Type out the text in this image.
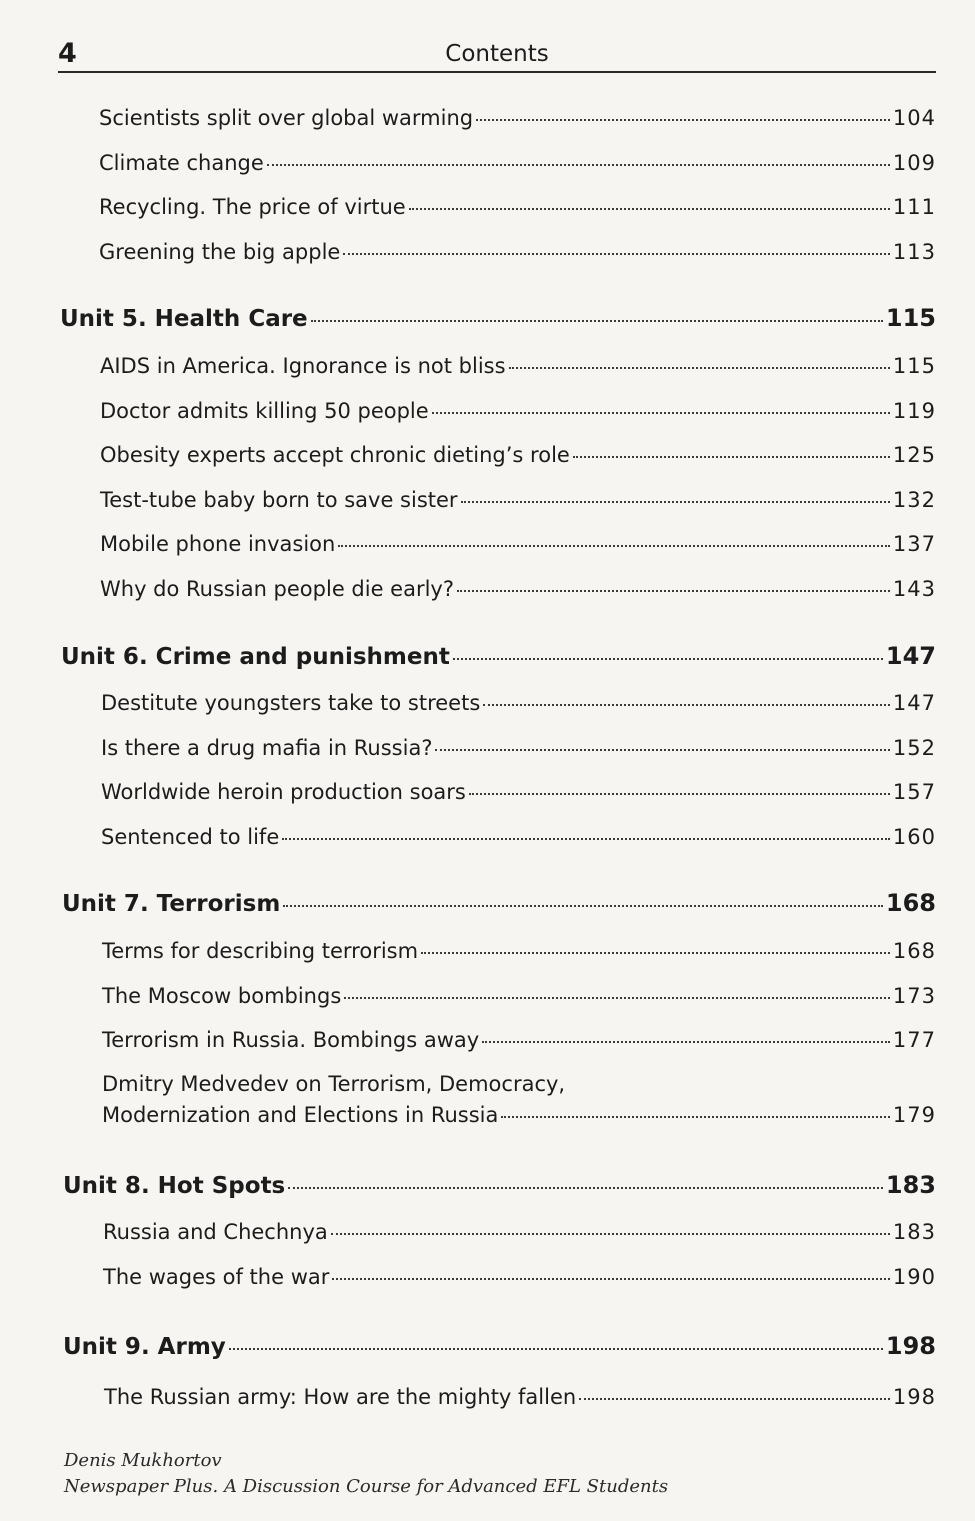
4	Contents
Scientists split over global warming	104
Climate change	109
Recycling. The price of virtue	111
Greening the big apple	113
Unit 5. Health Care	115
AIDS in America. Ignorance is not bliss	115
Doctor admits killing 50 people	119
Obesity experts accept chronic dieting’s role	125
Test-tube baby born to save sister	132
Mobile phone invasion	137
Why do Russian people die early?	143
Unit 6. Crime and punishment	147
Destitute youngsters take to streets	147
Is there a drug mafia in Russia?	152
Worldwide heroin production soars	157
Sentenced to life	160
Unit 7. Terrorism	168
Terms for describing terrorism	168
The Moscow bombings	173
Terrorism in Russia. Bombings away	177
Dmitry Medvedev on Terrorism, Democracy,
Modernization and Elections in Russia	179
Unit 8. Hot Spots	183
Russia and Chechnya	183
The wages of the war	190
Unit 9. Army	198
The Russian army: How are the mighty fallen	198
Denis Mukhortov
Newspaper Plus. A Discussion Course for Advanced EFL Students
